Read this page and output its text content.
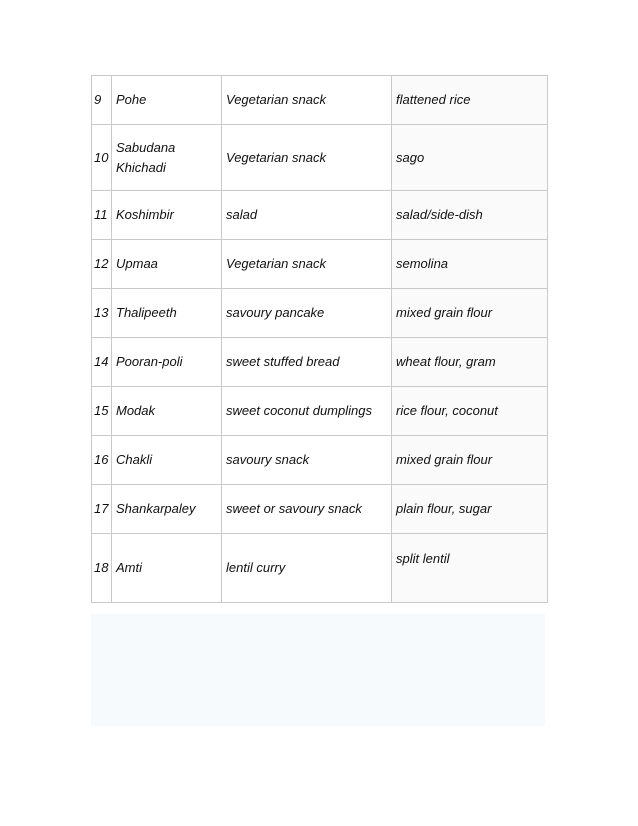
9	Pohe	Vegetarian snack	flattened rice
10	Sabudana Khichadi	Vegetarian snack	sago
11	Koshimbir	salad	salad/side-dish
12	Upmaa	Vegetarian snack	semolina
13	Thalipeeth	savoury pancake	mixed grain flour
14	Pooran-poli	sweet stuffed bread	wheat flour, gram
15	Modak	sweet coconut dumplings	rice flour, coconut
16	Chakli	savoury snack	mixed grain flour
17	Shankarpaley	sweet or savoury snack	plain flour, sugar
18	Amti	lentil curry	split lentil
